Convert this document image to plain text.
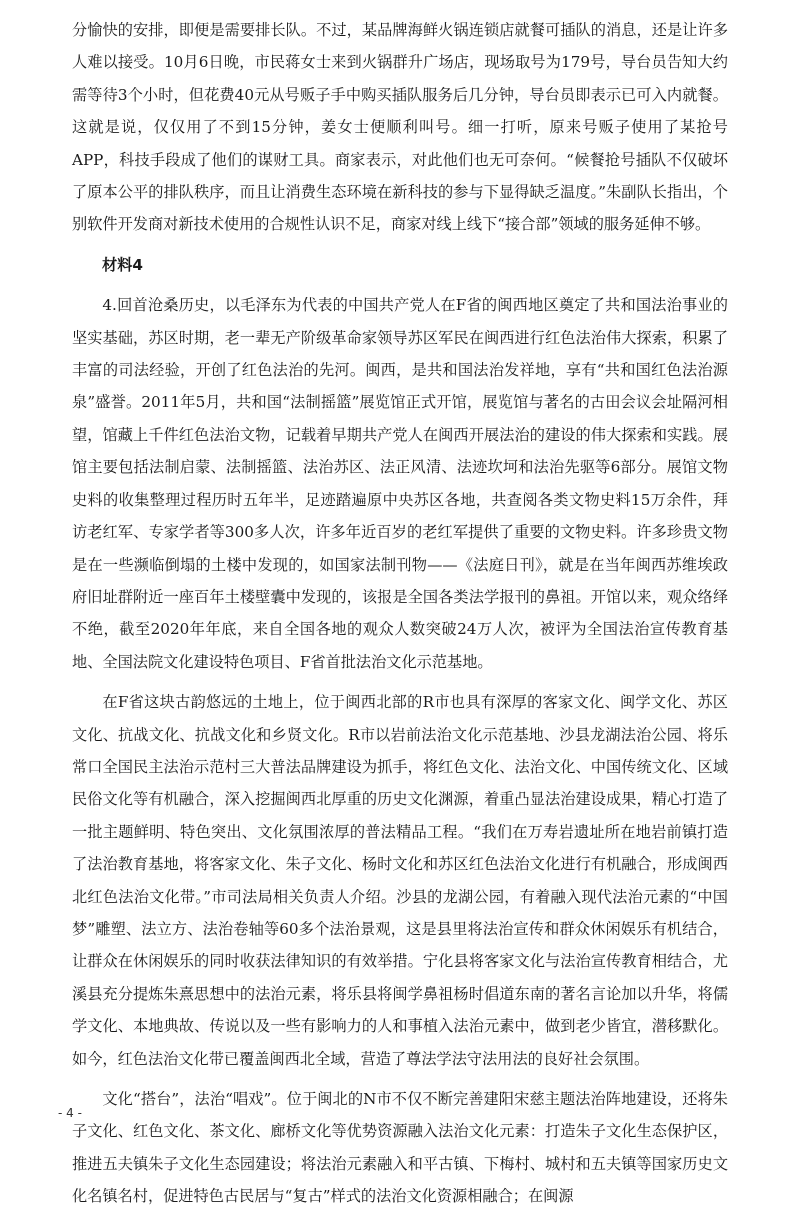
分愉快的安排，即便是需要排长队。不过，某品牌海鲜火锅连锁店就餐可插队的消息，还是让许多人难以接受。10月6日晚，市民蒋女士来到火锅群升广场店，现场取号为179号，导台员告知大约需等待3个小时，但花费40元从号贩子手中购买插队服务后几分钟，导台员即表示已可入内就餐。这就是说，仅仅用了不到15分钟，姜女士便顺利叫号。细一打听，原来号贩子使用了某抢号APP，科技手段成了他们的谋财工具。商家表示，对此他们也无可奈何。“候餐抢号插队不仅破坏了原本公平的排队秩序，而且让消费生态环境在新科技的参与下显得缺乏温度。”朱副队长指出，个别软件开发商对新技术使用的合规性认识不足，商家对线上线下“接合部”领域的服务延伸不够。

材料4

4.回首沧桑历史，以毛泽东为代表的中国共产党人在F省的闽西地区奠定了共和国法治事业的坚实基础，苏区时期，老一辈无产阶级革命家领导苏区军民在闽西进行红色法治伟大探索，积累了丰富的司法经验，开创了红色法治的先河。闽西，是共和国法治发祥地，享有“共和国红色法治源泉”盛誉。2011年5月，共和国“法制摇篮”展览馆正式开馆，展览馆与著名的古田会议会址隔河相望，馆藏上千件红色法治文物，记载着早期共产党人在闽西开展法治的建设的伟大探索和实践。展馆主要包括法制启蒙、法制摇篮、法治苏区、法正风清、法迹坎坷和法治先驱等6部分。展馆文物史料的收集整理过程历时五年半，足迹踏遍原中央苏区各地，共查阅各类文物史料15万余件，拜访老红军、专家学者等300多人次，许多年近百岁的老红军提供了重要的文物史料。许多珍贵文物是在一些濒临倒塌的土楼中发现的，如国家法制刊物——《法庭日刊》，就是在当年闽西苏维埃政府旧址群附近一座百年土楼壁囊中发现的，该报是全国各类法学报刊的鼻祖。开馆以来，观众络绎不绝，截至2020年年底，来自全国各地的观众人数突破24万人次，被评为全国法治宣传教育基地、全国法院文化建设特色项目、F省首批法治文化示范基地。

在F省这块古韵悠远的土地上，位于闽西北部的R市也具有深厚的客家文化、闽学文化、苏区文化、抗战文化、抗战文化和乡贤文化。R市以岩前法治文化示范基地、沙县龙湖法治公园、将乐常口全国民主法治示范村三大普法品牌建设为抓手，将红色文化、法治文化、中国传统文化、区域民俗文化等有机融合，深入挖掘闽西北厚重的历史文化渊源，着重凸显法治建设成果，精心打造了一批主题鲜明、特色突出、文化氛围浓厚的普法精品工程。“我们在万寿岩遗址所在地岩前镇打造了法治教育基地，将客家文化、朱子文化、杨时文化和苏区红色法治文化进行有机融合，形成闽西北红色法治文化带。”市司法局相关负责人介绍。沙县的龙湖公园，有着融入现代法治元素的“中国梦”雕塑、法立方、法治卷轴等60多个法治景观，这是县里将法治宣传和群众休闲娱乐有机结合，让群众在休闲娱乐的同时收获法律知识的有效举措。宁化县将客家文化与法治宣传教育相结合，尤溪县充分提炼朱熹思想中的法治元素，将乐县将闽学鼻祖杨时倡道东南的著名言论加以升华，将儒学文化、本地典故、传说以及一些有影响力的人和事植入法治元素中，做到老少皆宜，潜移默化。如今，红色法治文化带已覆盖闽西北全域，营造了尊法学法守法用法的良好社会氛围。

文化“搭台”，法治“唱戏”。位于闽北的N市不仅不断完善建阳宋慈主题法治阵地建设，还将朱子文化、红色文化、茶文化、廊桥文化等优势资源融入法治文化元素：打造朱子文化生态保护区，推进五夫镇朱子文化生态园建设；将法治元素融入和平古镇、下梅村、城村和五夫镇等国家历史文化名镇名村，促进特色古民居与“复古”样式的法治文化资源相融合；在闽源

- 4 -
